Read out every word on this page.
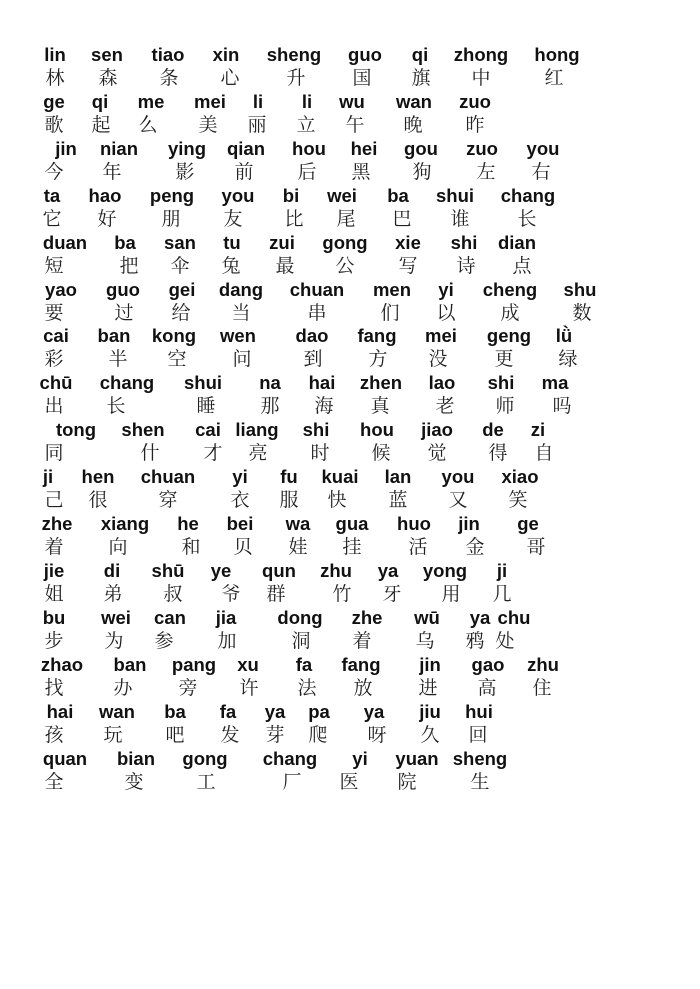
lin sen tiao xin sheng guo qi zhong hong
林 森 条 心 升 国 旗 中	红
ge qi me mei li li wu wan zuo
歌 起 么 美 丽 立 午 晚 昨
jin nian ying qian hou hei gou zuo you
今 年	影 前 后 黑 狗 左 右
ta hao peng you bi wei ba shui chang
它 好 朋 友 比 尾 巴 谁	长
duan ba san tu zui gong xie shi dian
短	把 伞 兔 最 公 写 诗 点
yao guo gei dang chuan men yi cheng shu
要	过 给 当	串	们 以 成	数
cai ban kong wen dao fang mei geng lǜ
彩 半 空 问	到 方 没 更 绿
chū chang shui na hai zhen lao shi ma
出 长	睡 那 海 真 老 师 吗
tong shen cai liang shi hou jiao de zi
同	什 才 亮 时 候 觉 得 自
ji hen chuan yi fu kuai lan you xiao
己 很	穿	衣 服 快 蓝 又 笑
zhe xiang he bei wa gua huo jin ge
着 向	和 贝 娃 挂 活 金 哥
jie di shū ye qun zhu ya yong ji
姐 弟 叔 爷 群 竹 牙 用 几
bu wei can jia dong zhe wū ya chu
步 为 参 加	洞 着 乌 鸦 处
zhao ban pang xu fa fang jin gao zhu
找	办 旁 许 法 放 进 高 住
hai wan ba fa ya pa ya jiu hui
孩 玩 吧 发 芽 爬 呀 久 回
quan bian gong chang yi yuan sheng
全	变	工	厂 医 院	生
